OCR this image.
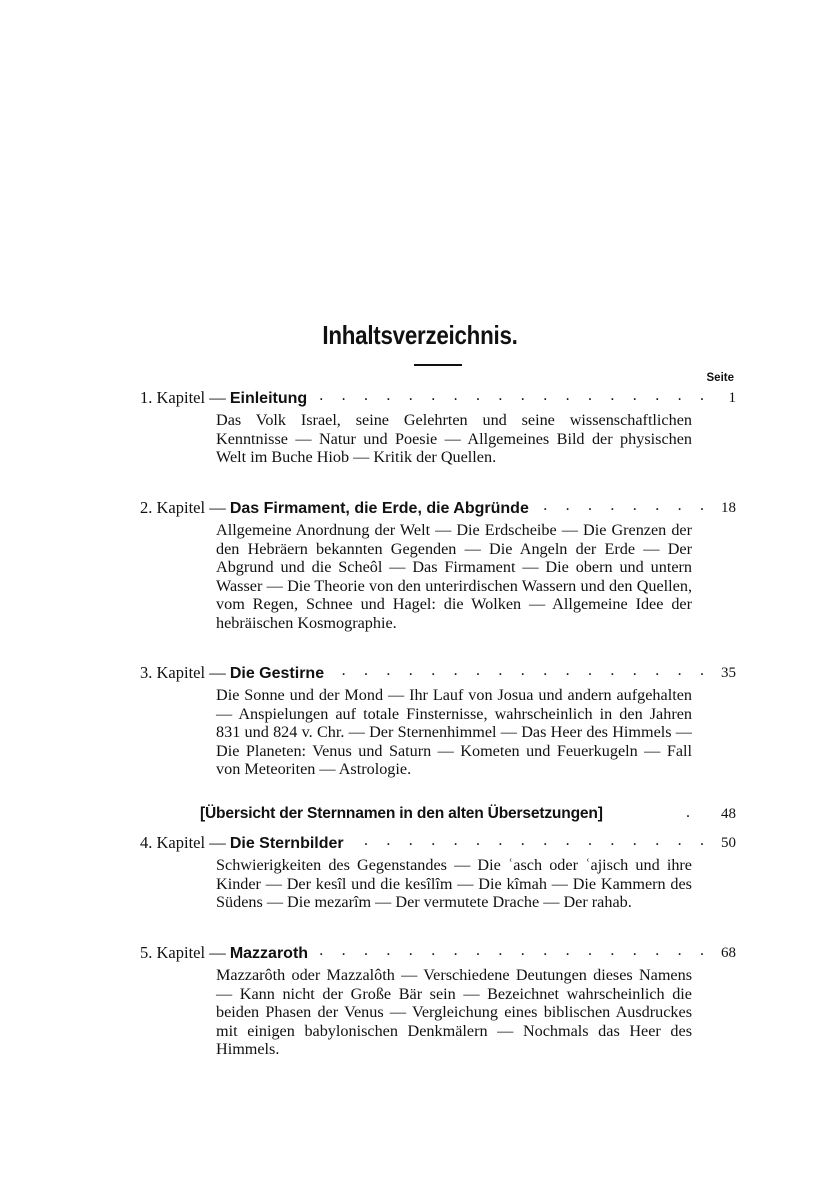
Inhaltsverzeichnis.
Seite
1. Kapitel — Einleitung . . .	1
Das Volk Israel, seine Gelehrten und seine wissenschaftlichen Kenntnisse — Natur und Poesie — Allgemeines Bild der physischen Welt im Buche Hiob — Kritik der Quellen.
2. Kapitel — Das Firmament, die Erde, die Abgründe . . .	18
Allgemeine Anordnung der Welt — Die Erdscheibe — Die Grenzen der den Hebräern bekannten Gegenden — Die Angeln der Erde — Der Abgrund und die Scheôl — Das Firmament — Die obern und untern Wasser — Die Theorie von den unterirdischen Wassern und den Quellen, vom Regen, Schnee und Hagel: die Wolken — Allgemeine Idee der hebräischen Kosmographie.
3. Kapitel — Die Gestirne . . .	35
Die Sonne und der Mond — Ihr Lauf von Josua und andern aufgehalten — Anspielungen auf totale Finsternisse, wahrscheinlich in den Jahren 831 und 824 v. Chr. — Der Sternenhimmel — Das Heer des Himmels — Die Planeten: Venus und Saturn — Kometen und Feuerkugeln — Fall von Meteoriten — Astrologie.
[Übersicht der Sternnamen in den alten Übersetzungen]	.	48
4. Kapitel — Die Sternbilder . . .	50
Schwierigkeiten des Gegenstandes — Die ʿasch oder ʿajisch und ihre Kinder — Der kesîl und die kesîlîm — Die kîmah — Die Kammern des Südens — Die mezarîm — Der vermutete Drache — Der rahab.
5. Kapitel — Mazzaroth . . .	68
Mazzarôth oder Mazzalôth — Verschiedene Deutungen dieses Namens — Kann nicht der Große Bär sein — Bezeichnet wahrscheinlich die beiden Phasen der Venus — Vergleichung eines biblischen Ausdruckes mit einigen babylonischen Denkmälern — Nochmals das Heer des Himmels.
